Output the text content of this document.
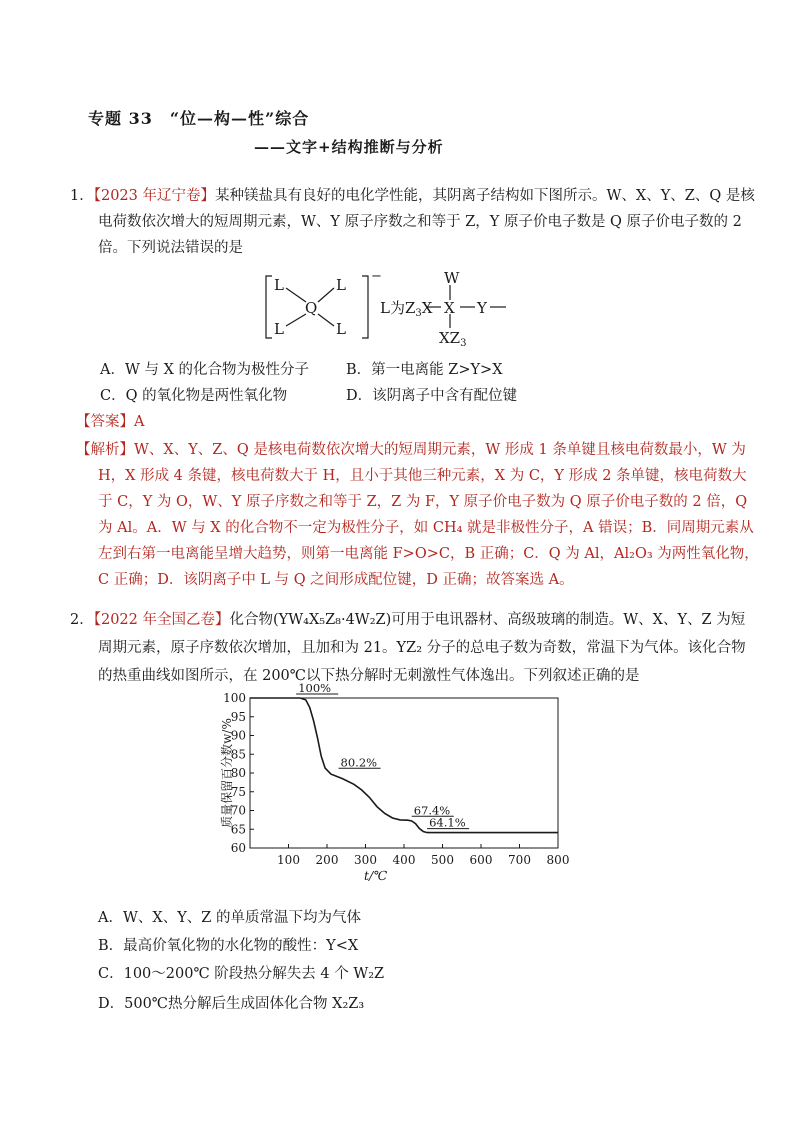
专题 33　“位—构—性”综合
——文字+结构推断与分析
1．【2023 年辽宁卷】某种镁盐具有良好的电化学性能，其阴离子结构如下图所示。W、X、Y、Z、Q 是核
电荷数依次增大的短周期元素，W、Y 原子序数之和等于 Z，Y 原子价电子数是 Q 原子价电子数的 2
倍。下列说法错误的是
L	L
L	L
Q
−
L为$Z_3X$
W
X Y
$XZ_3$
A．W 与 X 的化合物为极性分子	B．第一电离能 Z>Y>X
C．Q 的氧化物是两性氧化物	D．该阴离子中含有配位键
【答案】A
【解析】W、X、Y、Z、Q 是核电荷数依次增大的短周期元素，W 形成 1 条单键且核电荷数最小，W 为
H，X 形成 4 条键，核电荷数大于 H，且小于其他三种元素，X 为 C，Y 形成 2 条单键，核电荷数大
于 C，Y 为 O，W、Y 原子序数之和等于 Z，Z 为 F，Y 原子价电子数为 Q 原子价电子数的 2 倍，Q
为 Al。A．W 与 X 的化合物不一定为极性分子，如 CH₄ 就是非极性分子，A 错误；B．同周期元素从
左到右第一电离能呈增大趋势，则第一电离能 F>O>C，B 正确；C．Q 为 Al，Al₂O₃ 为两性氧化物，
C 正确；D．该阴离子中 L 与 Q 之间形成配位键，D 正确；故答案选 A。
2．【2022 年全国乙卷】化合物(YW₄X₅Z₈·4W₂Z)可用于电讯器材、高级玻璃的制造。W、X、Y、Z 为短
周期元素，原子序数依次增加，且加和为 21。YZ₂ 分子的总电子数为奇数，常温下为气体。该化合物
的热重曲线如图所示，在 200℃以下热分解时无刺激性气体逸出。下列叙述正确的是
100 200 300 400 500 600 700 800
60
65
70
75
80
85
90
95
100
100%
80.2%
67.4%
64.1%
t/℃
质量保留百分数w/%
A．W、X、Y、Z 的单质常温下均为气体
B．最高价氧化物的水化物的酸性：Y<X
C．100～200℃ 阶段热分解失去 4 个 W₂Z
D．500℃热分解后生成固体化合物 X₂Z₃
